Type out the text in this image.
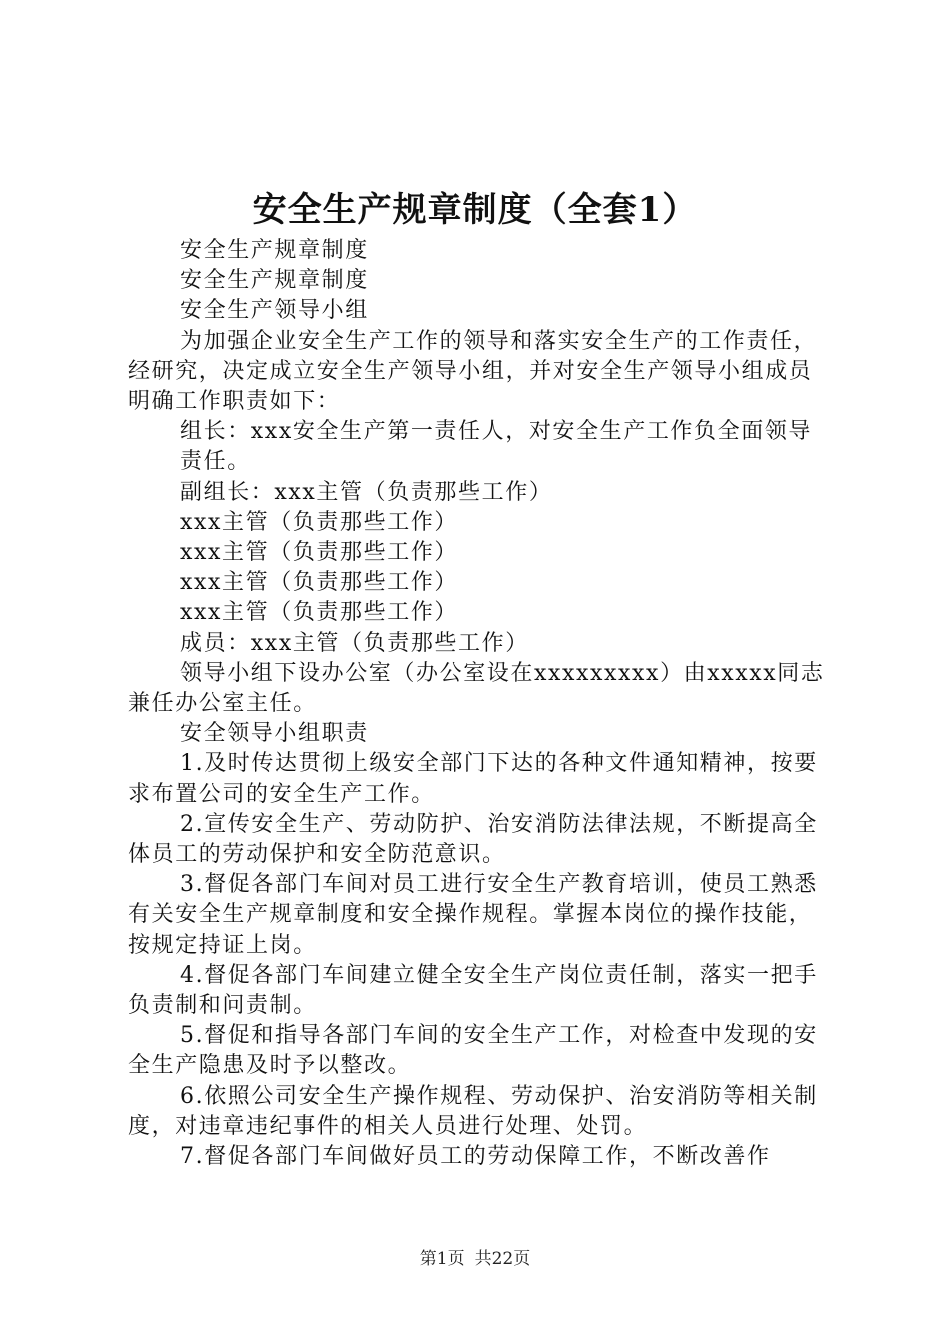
安全生产规章制度（全套1）

安全生产规章制度

安全生产规章制度

安全生产领导小组

为加强企业安全生产工作的领导和落实安全生产的工作责任，经研究，决定成立安全生产领导小组，并对安全生产领导小组成员明确工作职责如下：

组长：xxx安全生产第一责任人，对安全生产工作负全面领导责任。

副组长：xxx主管（负责那些工作）

xxx主管（负责那些工作）

xxx主管（负责那些工作）

xxx主管（负责那些工作）

xxx主管（负责那些工作）

成员：xxx主管（负责那些工作）

领导小组下设办公室（办公室设在xxxxxxxxx）由xxxxx同志兼任办公室主任。

安全领导小组职责

1.及时传达贯彻上级安全部门下达的各种文件通知精神，按要求布置公司的安全生产工作。

2.宣传安全生产、劳动防护、治安消防法律法规，不断提高全体员工的劳动保护和安全防范意识。

3.督促各部门车间对员工进行安全生产教育培训，使员工熟悉有关安全生产规章制度和安全操作规程。掌握本岗位的操作技能，按规定持证上岗。

4.督促各部门车间建立健全安全生产岗位责任制，落实一把手负责制和问责制。

5.督促和指导各部门车间的安全生产工作，对检查中发现的安全生产隐患及时予以整改。

6.依照公司安全生产操作规程、劳动保护、治安消防等相关制度，对违章违纪事件的相关人员进行处理、处罚。

7.督促各部门车间做好员工的劳动保障工作，不断改善作

第1页 共22页
